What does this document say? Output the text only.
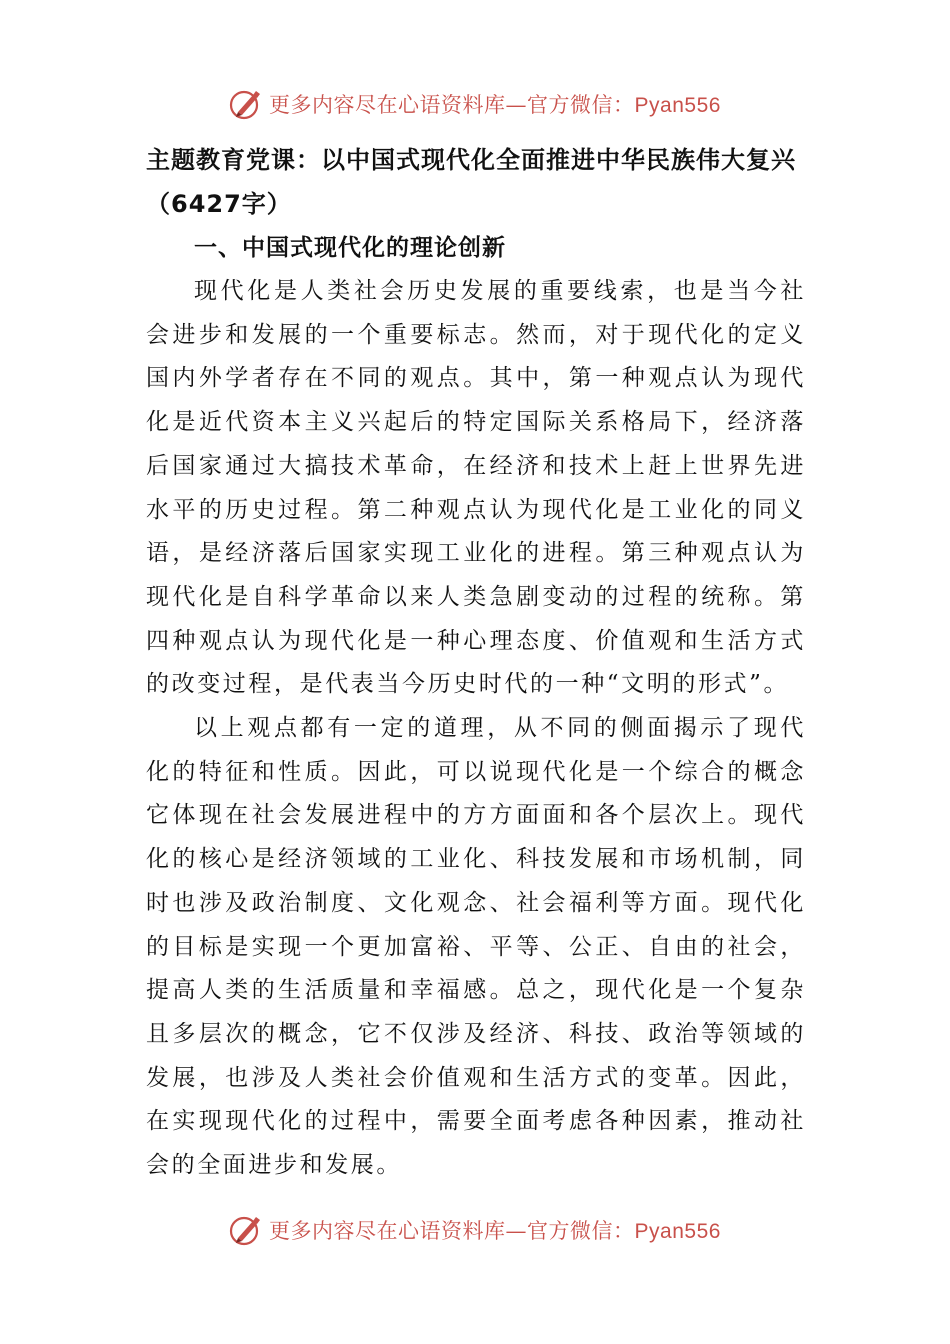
更多内容尽在心语资料库—官方微信：Pyan556

主题教育党课：以中国式现代化全面推进中华民族伟大复兴（6427字）

一、中国式现代化的理论创新

现代化是人类社会历史发展的重要线索，也是当今社会进步和发展的一个重要标志。然而，对于现代化的定义国内外学者存在不同的观点。其中，第一种观点认为现代化是近代资本主义兴起后的特定国际关系格局下，经济落后国家通过大搞技术革命，在经济和技术上赶上世界先进水平的历史过程。第二种观点认为现代化是工业化的同义语，是经济落后国家实现工业化的进程。第三种观点认为现代化是自科学革命以来人类急剧变动的过程的统称。第四种观点认为现代化是一种心理态度、价值观和生活方式的改变过程，是代表当今历史时代的一种“文明的形式”。

以上观点都有一定的道理，从不同的侧面揭示了现代化的特征和性质。因此，可以说现代化是一个综合的概念它体现在社会发展进程中的方方面面和各个层次上。现代化的核心是经济领域的工业化、科技发展和市场机制，同时也涉及政治制度、文化观念、社会福利等方面。现代化的目标是实现一个更加富裕、平等、公正、自由的社会，提高人类的生活质量和幸福感。总之，现代化是一个复杂且多层次的概念，它不仅涉及经济、科技、政治等领域的发展，也涉及人类社会价值观和生活方式的变革。因此，在实现现代化的过程中，需要全面考虑各种因素，推动社会的全面进步和发展。

更多内容尽在心语资料库—官方微信：Pyan556
